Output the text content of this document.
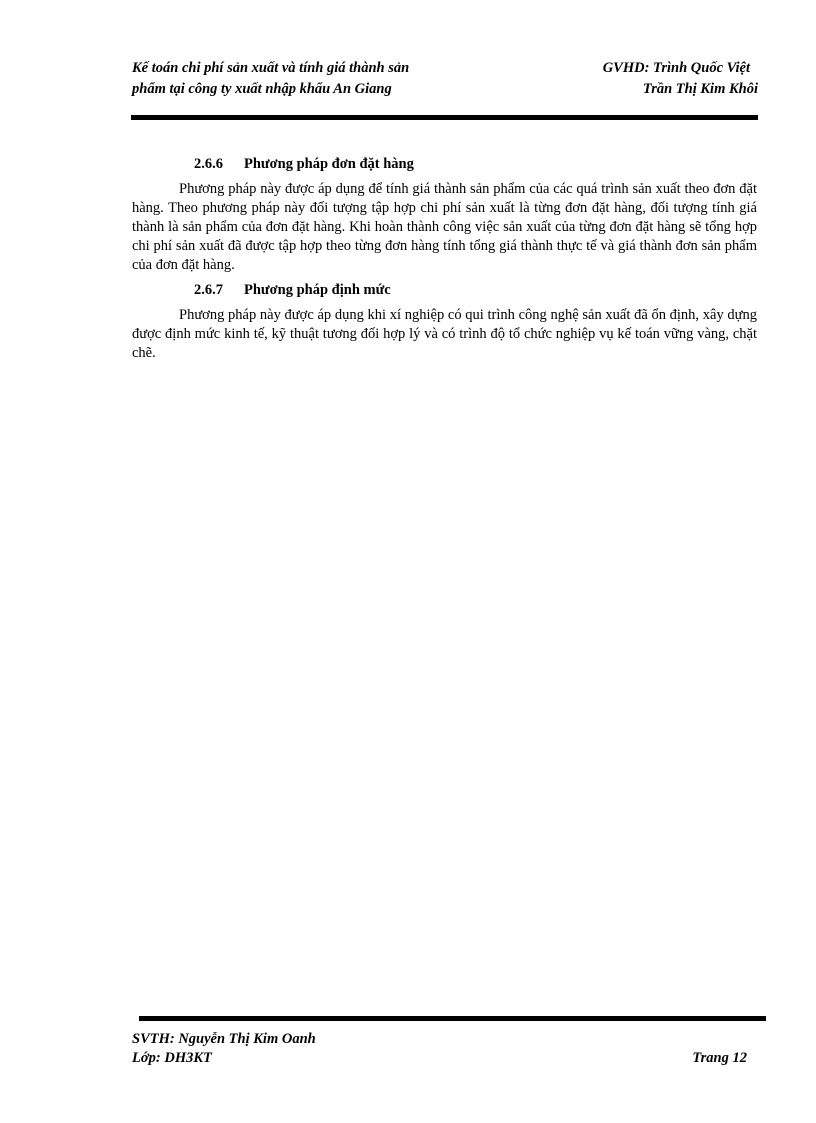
Kế toán chi phí sản xuất và tính giá thành sản
phẩm tại công ty xuất nhập khẩu An Giang
GVHD: Trình Quốc Việt
Trần Thị Kim Khôi
2.6.6 Phương pháp đơn đặt hàng

Phương pháp này được áp dụng để tính giá thành sản phẩm của các quá trình sản xuất theo đơn đặt hàng. Theo phương pháp này đối tượng tập hợp chi phí sản xuất là từng đơn đặt hàng, đối tượng tính giá thành là sản phẩm của đơn đặt hàng. Khi hoàn thành công việc sản xuất của từng đơn đặt hàng sẽ tổng hợp chi phí sản xuất đã được tập hợp theo từng đơn hàng tính tổng giá thành thực tế và giá thành đơn sản phẩm của đơn đặt hàng.

2.6.7 Phương pháp định mức

Phương pháp này được áp dụng khi xí nghiệp có qui trình công nghệ sản xuất đã ổn định, xây dựng được định mức kinh tế, kỹ thuật tương đối hợp lý và có trình độ tổ chức nghiệp vụ kế toán vững vàng, chặt chẽ.

SVTH: Nguyễn Thị Kim Oanh
Lớp: DH3KT	Trang 12
